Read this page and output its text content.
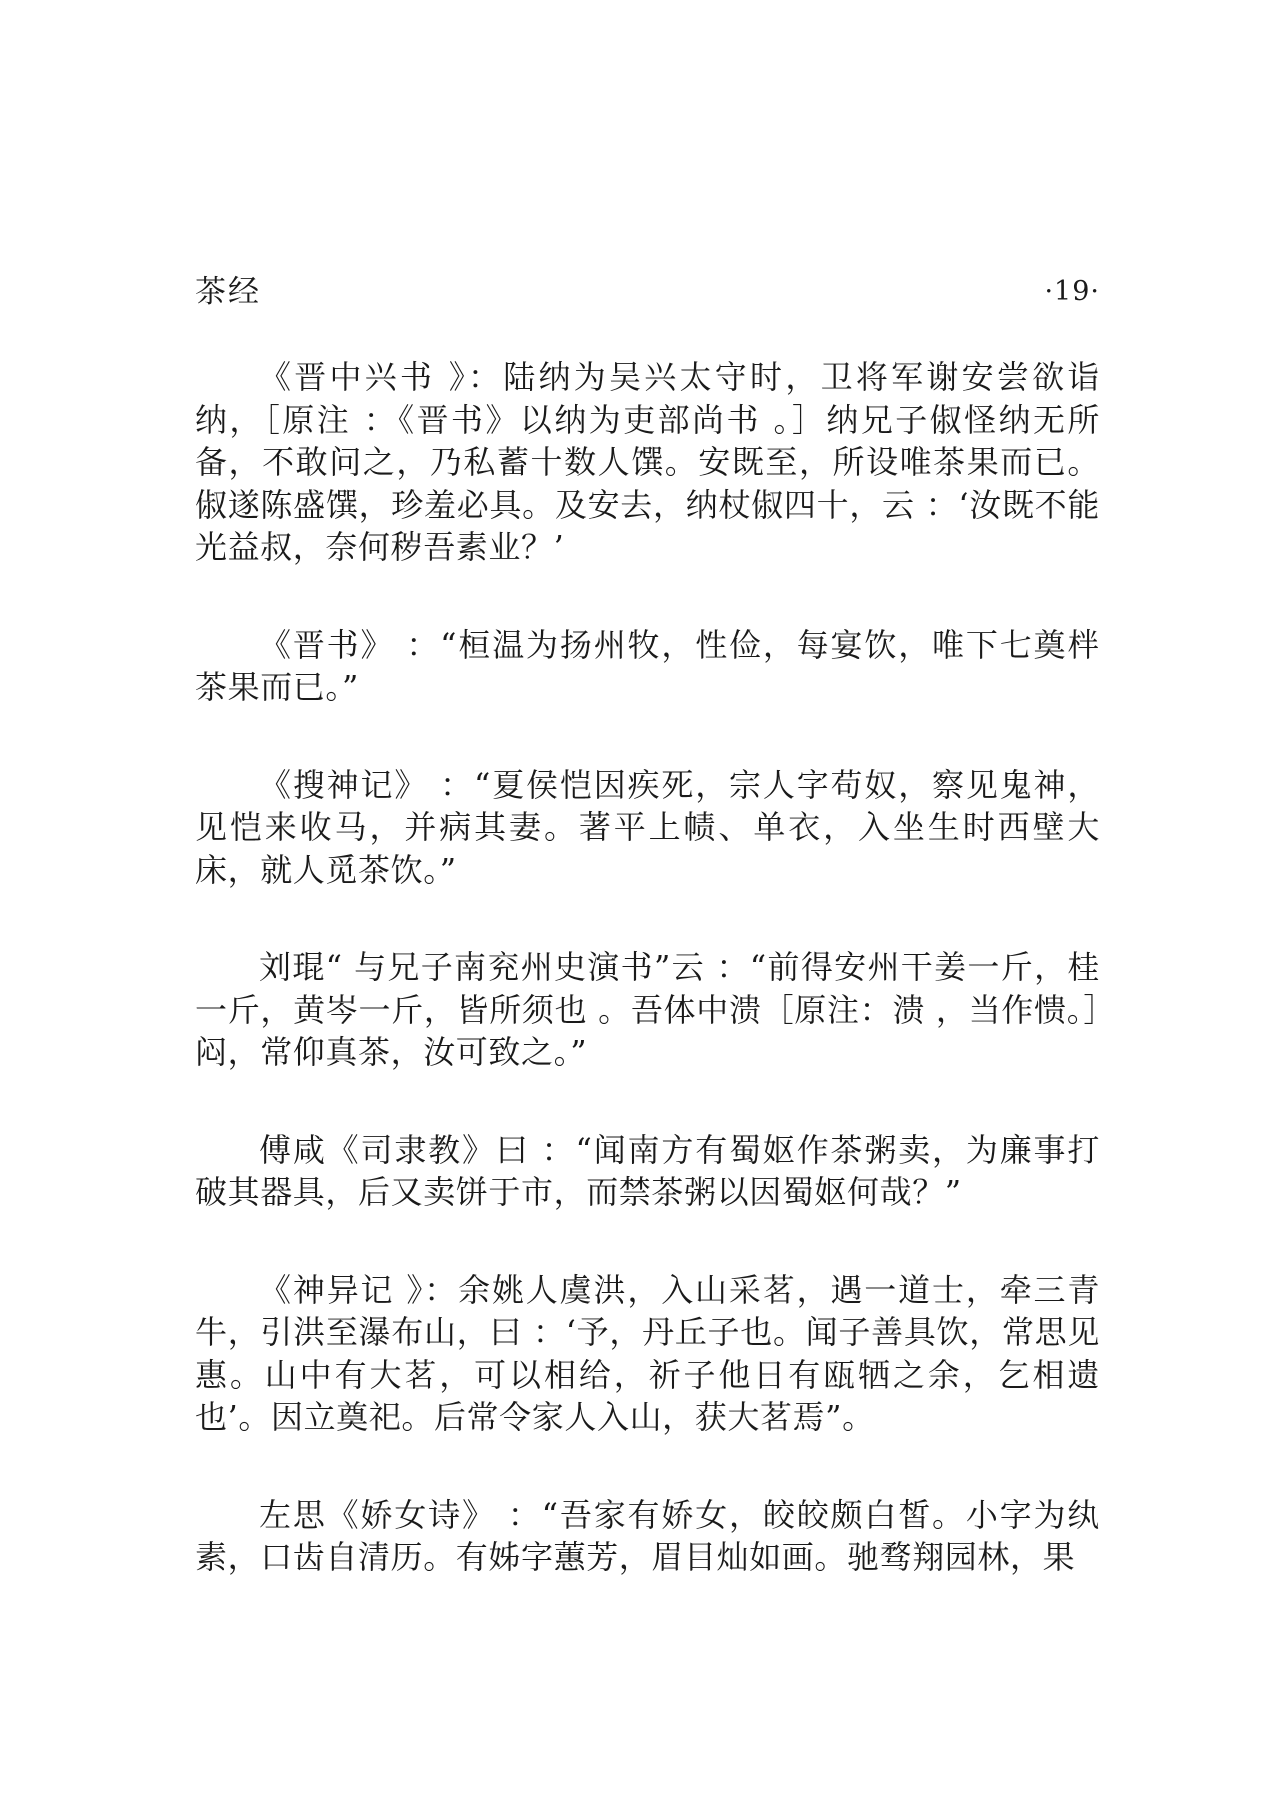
茶经	·19·

《晋中兴书 》：陆纳为吴兴太守时，卫将军谢安尝欲诣纳，［原注 ：《晋书》以纳为吏部尚书 。］纳兄子俶怪纳无所备，不敢问之，乃私蓄十数人馔。安既至，所设唯茶果而已。俶遂陈盛馔，珍羞必具。及安去，纳杖俶四十，云 ：‘汝既不能光益叔，奈何秽吾素业？’

《晋书》 ：“桓温为扬州牧，性俭，每宴饮，唯下七奠柈茶果而已。”

《搜神记》 ：“夏侯恺因疾死，宗人字苟奴，察见鬼神，见恺来收马，并病其妻。著平上帻、单衣，入坐生时西壁大床，就人觅茶饮。”

刘琨“ 与兄子南兖州史演书”云 ：“前得安州干姜一斤，桂一斤，黄岑一斤，皆所须也 。吾体中溃［原注：溃 ，当作愦。］闷，常仰真茶，汝可致之。”

傅咸《司隶教》曰 ：“闻南方有蜀妪作茶粥卖，为廉事打破其器具，后又卖饼于市，而禁茶粥以因蜀妪何哉？”

《神异记 》：余姚人虞洪，入山采茗，遇一道士，牵三青牛，引洪至瀑布山，曰 ：‘予，丹丘子也。闻子善具饮，常思见惠。山中有大茗，可以相给，祈子他日有瓯牺之余，乞相遗也’。因立奠祀。后常令家人入山，获大茗焉”。

左思《娇女诗》 ：“吾家有娇女，皎皎颇白皙。小字为纨素，口齿自清历。有姊字蕙芳，眉目灿如画。驰骛翔园林，果
